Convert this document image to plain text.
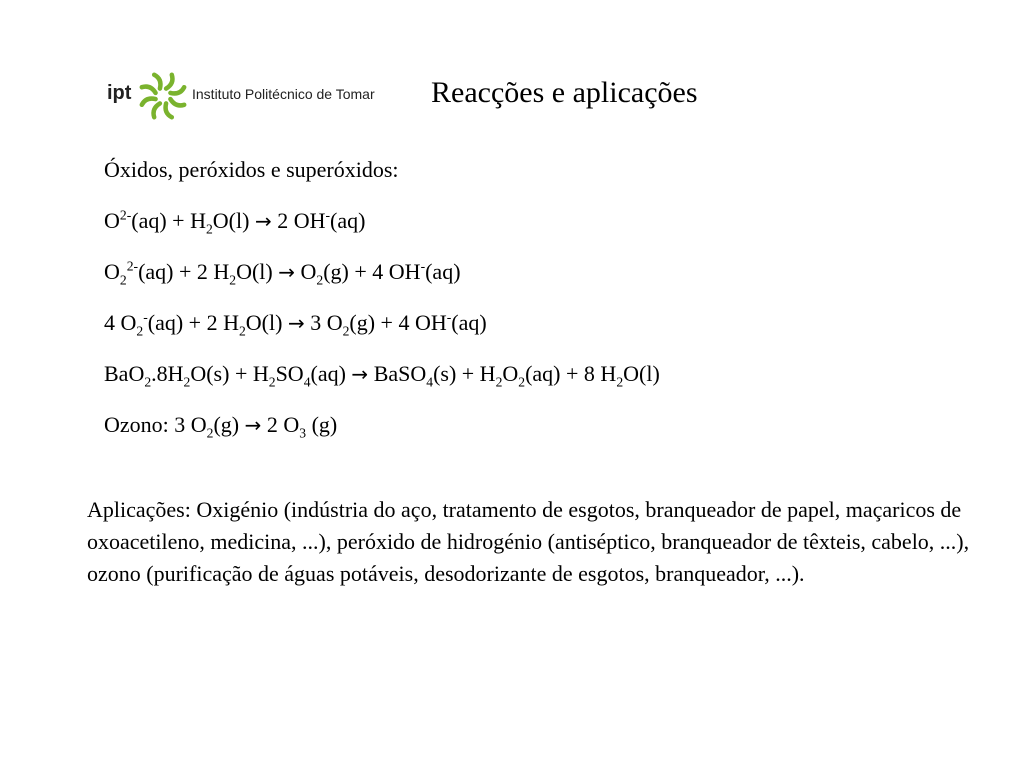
ipt	Instituto Politécnico de Tomar Reacções e aplicações
Óxidos, peróxidos e superóxidos:
$O^{2-}(aq) + H_2O(l) \to 2$ OH-(aq)
$O_2^{2-}(aq) + 2$ $H_2O(l) \to O_2(g) + 4$ OH-(aq)
4 $O_2^-(aq) + 2$ $H_2O(l) \to 3$ $O_2(g) + 4$ OH-(aq)
$BaO_2.8H_2O(s) + H_2SO_4(aq)$ → BaSO$_4$(s) + $H_2O_2(aq) + 8$ $H_2O(l)$
Ozono: 3 $O_2(g) \to 2$ $O_3$ (g)

Aplicações: Oxigénio (indústria do aço, tratamento de esgotos, branqueador de papel, maçaricos de oxoacetileno, medicina, ...), peróxido de hidrogénio (antiséptico, branqueador de têxteis, cabelo, ...), ozono (purificação de águas potáveis, desodorizante de esgotos, branqueador, ...).
